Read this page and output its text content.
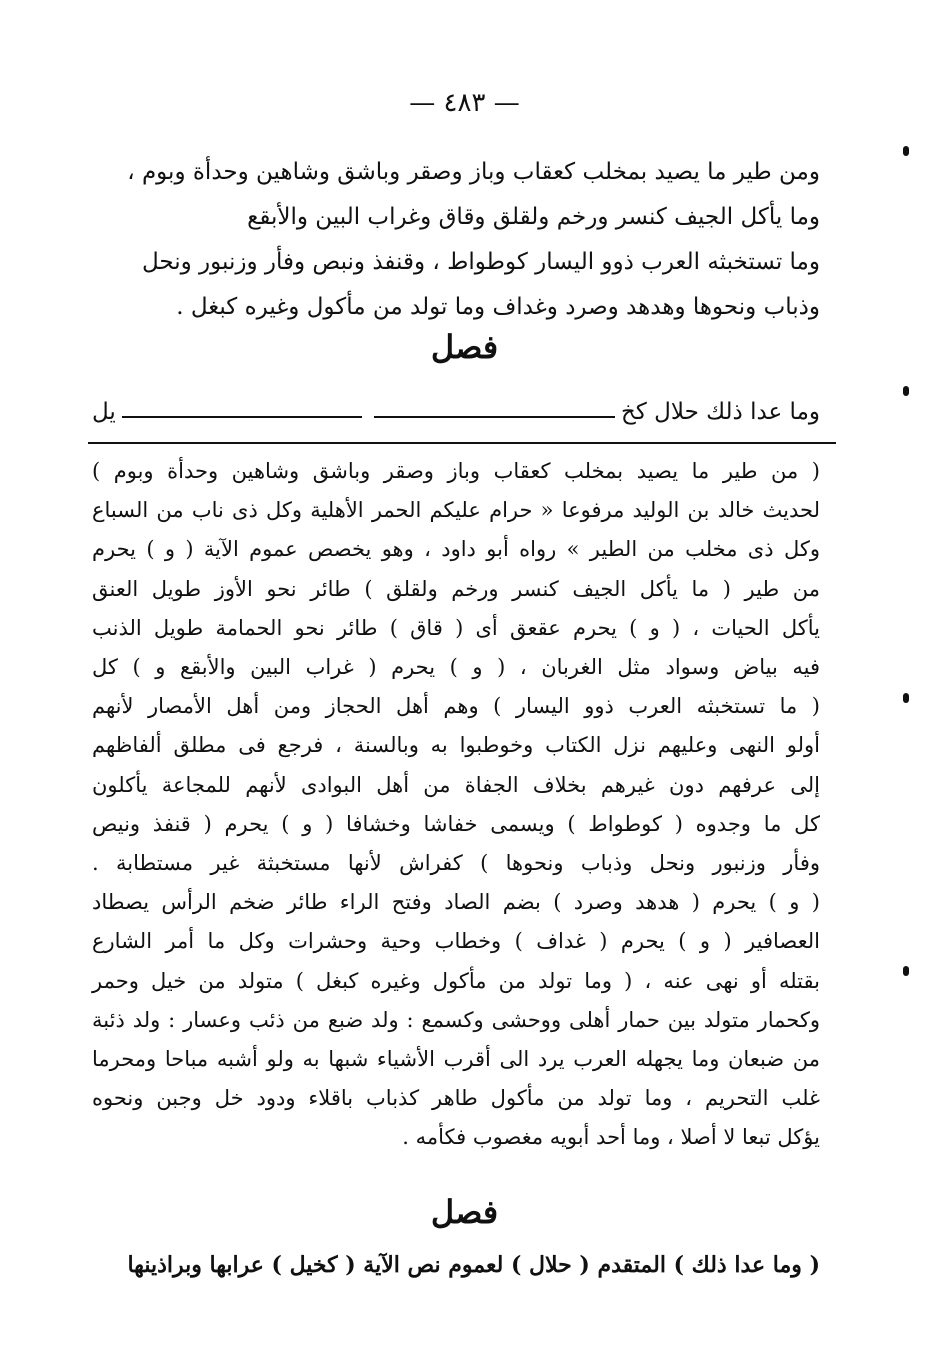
— ٤٨٣ —

ومن طير ما يصيد بمخلب كعقاب وباز وصقر وباشق وشاهين وحدأة وبوم ،

وما يأكل الجيف كنسر ورخم ولقلق وقاق وغراب البين والأبقع

وما تستخبثه العرب ذوو اليسار كوطواط ، وقنفذ ونبص وفأر وزنبور ونحل

وذباب ونحوها وهدهد وصرد وغداف وما تولد من مأكول وغيره كبغل .

فصل
وما عدا ذلك حلال كخ
يل

( من طير ما يصيد بمخلب كعقاب وباز وصقر وباشق وشاهين وحدأة وبوم )

لحديث خالد بن الوليد مرفوعا « حرام عليكم الحمر الأهلية وكل ذى ناب من السباع

وكل ذى مخلب من الطير » رواه أبو داود ، وهو يخصص عموم الآية ( و ) يحرم

من طير ( ما يأكل الجيف كنسر ورخم ولقلق ) طائر نحو الأوز طويل العنق

يأكل الحيات ، ( و ) يحرم عقعق أى ( قاق ) طائر نحو الحمامة طويل الذنب

فيه بياض وسواد مثل الغربان ، ( و ) يحرم ( غراب البين والأبقع و ) كل

( ما تستخبثه العرب ذوو اليسار ) وهم أهل الحجاز ومن أهل الأمصار لأنهم

أولو النهى وعليهم نزل الكتاب وخوطبوا به وبالسنة ، فرجع فى مطلق ألفاظهم

إلى عرفهم دون غيرهم بخلاف الجفاة من أهل البوادى لأنهم للمجاعة يأكلون

كل ما وجدوه ( كوطواط ) ويسمى خفاشا وخشافا ( و ) يحرم ( قنفذ ونيص

وفأر وزنبور ونحل وذباب ونحوها ) كفراش لأنها مستخبثة غير مستطابة .

( و ) يحرم ( هدهد وصرد ) بضم الصاد وفتح الراء طائر ضخم الرأس يصطاد

العصافير ( و ) يحرم ( غداف ) وخطاب وحية وحشرات وكل ما أمر الشارع

بقتله أو نهى عنه ، ( وما تولد من مأكول وغيره كبغل ) متولد من خيل وحمر

وكحمار متولد بين حمار أهلى ووحشى وكسمع : ولد ضبع من ذئب وعسار : ولد ذئبة

من ضبعان وما يجهله العرب يرد الى أقرب الأشياء شبها به ولو أشبه مباحا ومحرما

غلب التحريم ، وما تولد من مأكول طاهر كذباب باقلاء ودود خل وجبن ونحوه

يؤكل تبعا لا أصلا ، وما أحد أبويه مغصوب فكأمه .

فصل
( وما عدا ذلك ) المتقدم ( حلال ) لعموم نص الآية ( كخيل ) عرابها وبراذينها
